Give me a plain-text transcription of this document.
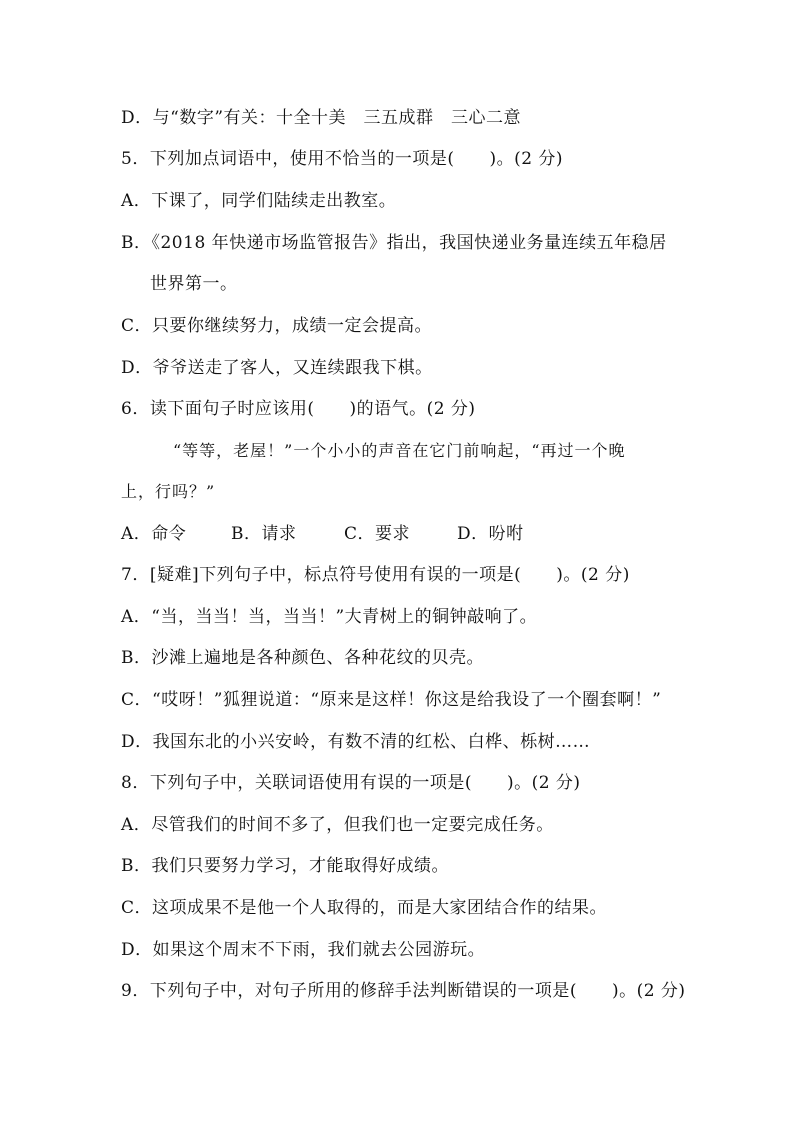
D．与“数字”有关：十全十美　三五成群　三心二意
5．下列加点词语中，使用不恰当的一项是(　　)。(2 分)
A．下课了，同学们陆续走出教室。
B．《2018 年快递市场监管报告》指出，我国快递业务量连续五年稳居
世界第一。
C．只要你继续努力，成绩一定会提高。
D．爷爷送走了客人，又连续跟我下棋。
6．读下面句子时应该用(　　)的语气。(2 分)
“等等，老屋！”一个小小的声音在它门前响起，“再过一个晚
上，行吗？”
A．命令	B．请求	C．要求	D．吩咐
7．[疑难]下列句子中，标点符号使用有误的一项是(　　)。(2 分)
A．“当，当当！当，当当！”大青树上的铜钟敲响了。
B．沙滩上遍地是各种颜色、各种花纹的贝壳。
C．“哎呀！”狐狸说道：“原来是这样！你这是给我设了一个圈套啊！”
D．我国东北的小兴安岭，有数不清的红松、白桦、栎树……
8．下列句子中，关联词语使用有误的一项是(　　)。(2 分)
A．尽管我们的时间不多了，但我们也一定要完成任务。
B．我们只要努力学习，才能取得好成绩。
C．这项成果不是他一个人取得的，而是大家团结合作的结果。
D．如果这个周末不下雨，我们就去公园游玩。
9．下列句子中，对句子所用的修辞手法判断错误的一项是(　　)。(2 分)
